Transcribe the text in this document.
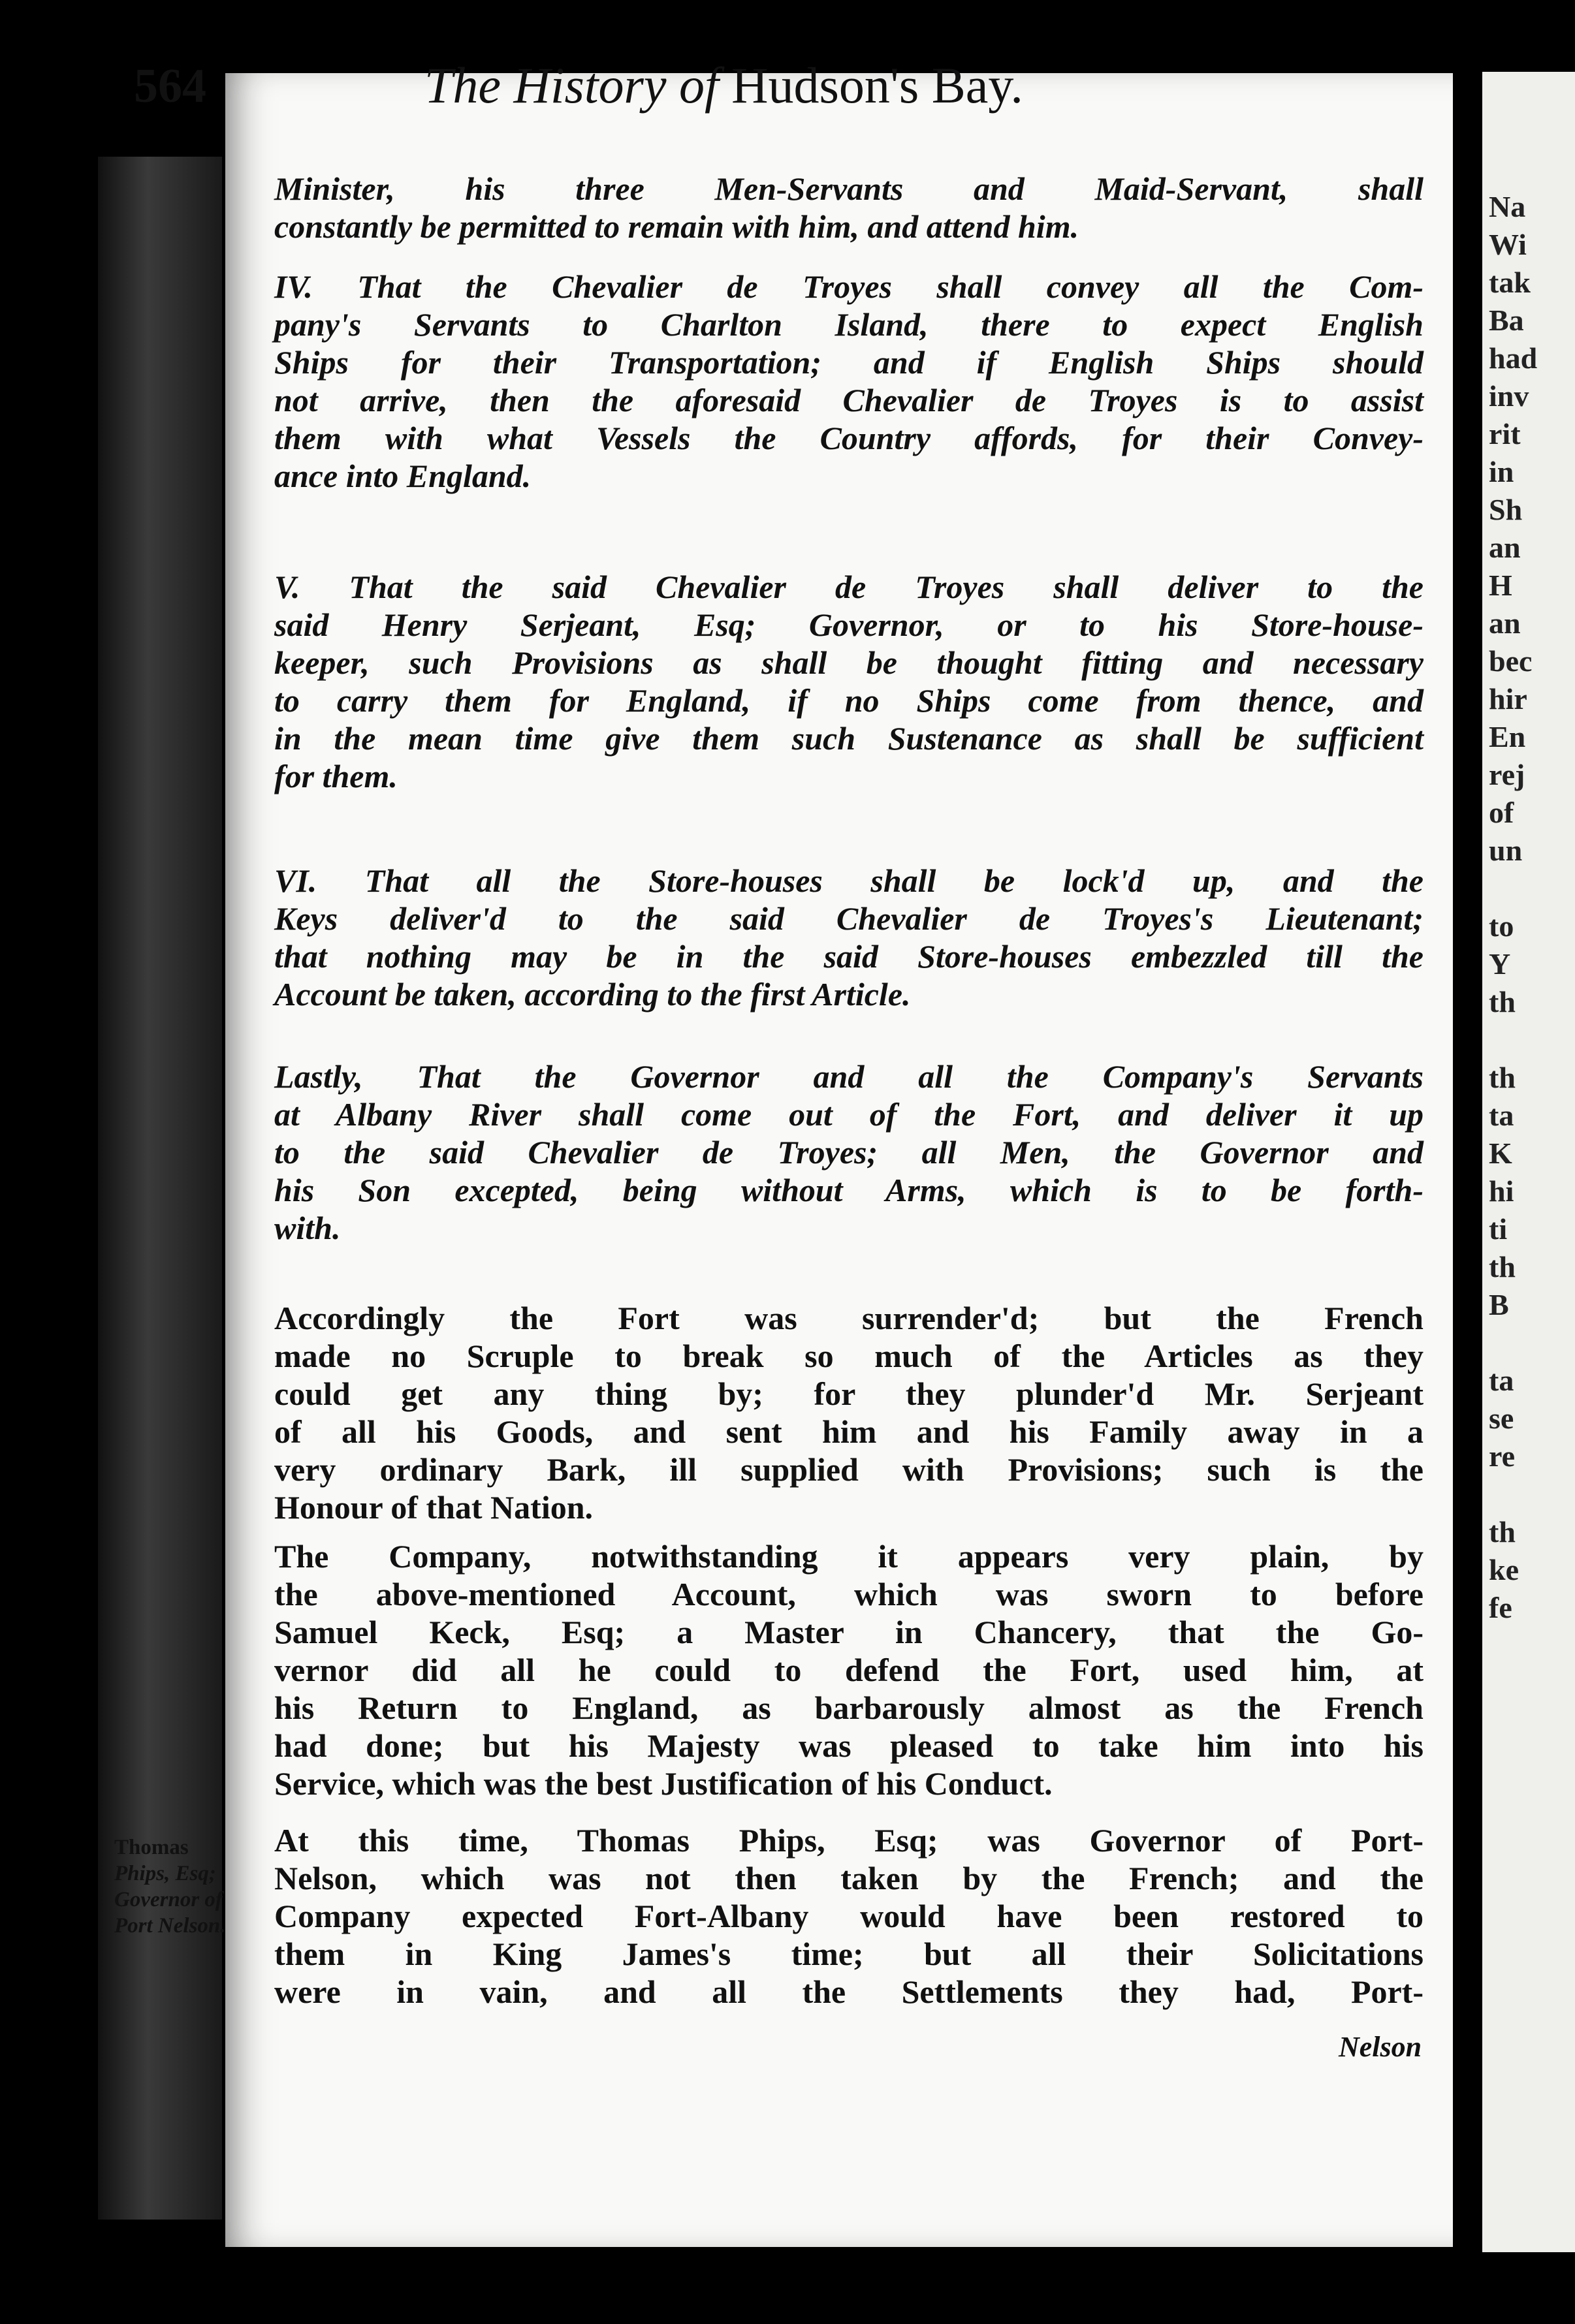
Na
Wi
tak
Ba
had
inv
rit
in
Sh
an
H
an
bec
hir
En
rej
of
un

to
Y
th

th
ta
K
hi
ti
th
B

ta
se
re

th
ke
fe
564	The History of Hudson's Bay.
Minister, his three Men-Servants and Maid-Servant, shall
constantly be permitted to remain with him, and attend him.
IV. That the Chevalier de Troyes shall convey all the Com-
pany's Servants to Charlton Island, there to expect English
Ships for their Transportation; and if English Ships should
not arrive, then the aforesaid Chevalier de Troyes is to assist
them with what Vessels the Country affords, for their Convey-
ance into England.
V. That the said Chevalier de Troyes shall deliver to the
said Henry Serjeant, Esq; Governor, or to his Store-house-
keeper, such Provisions as shall be thought fitting and necessary
to carry them for England, if no Ships come from thence, and
in the mean time give them such Sustenance as shall be sufficient
for them.
VI. That all the Store-houses shall be lock'd up, and the
Keys deliver'd to the said Chevalier de Troyes's Lieutenant;
that nothing may be in the said Store-houses embezzled till the
Account be taken, according to the first Article.
Lastly, That the Governor and all the Company's Servants
at Albany River shall come out of the Fort, and deliver it up
to the said Chevalier de Troyes; all Men, the Governor and
his Son excepted, being without Arms, which is to be forth-
with.
Accordingly the Fort was surrender'd; but the French
made no Scruple to break so much of the Articles as they
could get any thing by; for they plunder'd Mr. Serjeant
of all his Goods, and sent him and his Family away in a
very ordinary Bark, ill supplied with Provisions; such is the
Honour of that Nation.
The Company, notwithstanding it appears very plain, by
the above-mentioned Account, which was sworn to before
Samuel Keck, Esq; a Master in Chancery, that the Go-
vernor did all he could to defend the Fort, used him, at
his Return to England, as barbarously almost as the French
had done; but his Majesty was pleased to take him into his
Service, which was the best Justification of his Conduct.
At this time, Thomas Phips, Esq; was Governor of Port-
Nelson, which was not then taken by the French; and the
Company expected Fort-Albany would have been restored to
them in King James's time; but all their Solicitations
were in vain, and all the Settlements they had, Port-
Thomas
Phips, Esq;
Governor of
Port Nelson.
Nelson
